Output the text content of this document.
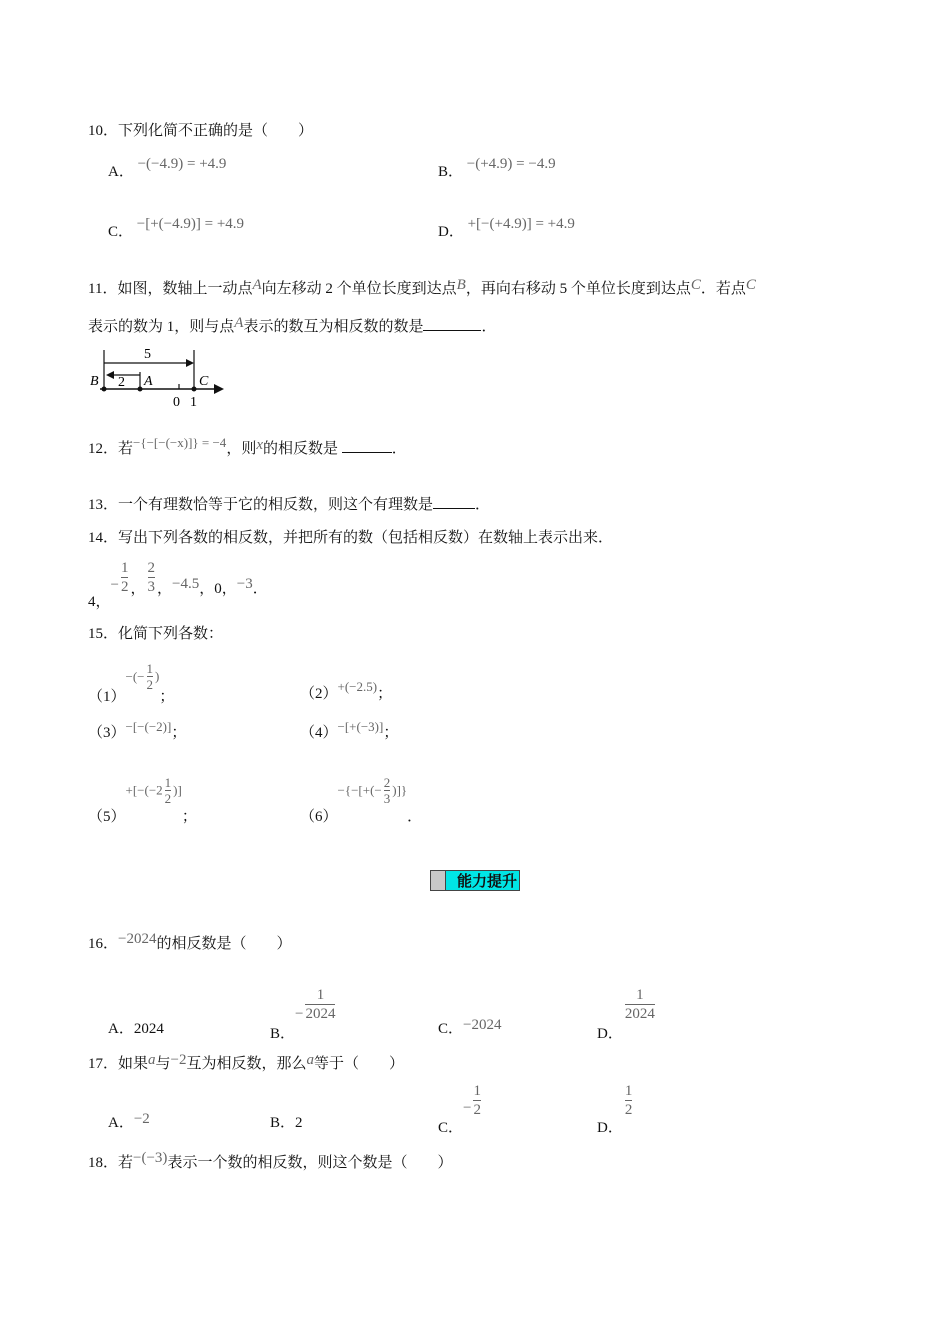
10．下列化简不正确的是（　　）
A． −(−4.9) = +4.9	B． −(+4.9) = −4.9
C． −[+(−4.9)] = +4.9	D． +[−(+4.9)] = +4.9
11．如图，数轴上一动点A向左移动 2 个单位长度到达点B，再向右移动 5 个单位长度到达点C．若点C
表示的数为 1，则与点A表示的数互为相反数的数是	．
5
2
B	A	C
0 1
12．若−{−[−(−x)]} = −4，则x的相反数是	．
13．一个有理数恰等于它的相反数，则这个有理数是	．
14．写出下列各数的相反数，并把所有的数（包括相反数）在数轴上表示出来．
4，− $\frac{1}{2}$ ， $\frac{2}{3}$ ，−4.5，0，−3．
15．化简下列各数：
$(1)-(- \frac{1}{2}$ )；	（2）+(−2.5)；
（3）−[−(−2)]；	（4）−[+(−3)]；
$(5)+[-(-2 \frac{1}{2}$ )]；	$(6)-\{-[+(- \frac{2}{3}$ )]}．
能力提升
16．−2024的相反数是（　　）
A．2024	B．− $\frac{1}{2024}$
C．−2024
D．
$\frac{1}{2024}$
17．如果a与−2互为相反数，那么a等于（　　）
A．−2	B．2	C．− $\frac{1}{2}$
D．
$\frac{1}{2}$
18．若−(−3)表示一个数的相反数，则这个数是（　　）
